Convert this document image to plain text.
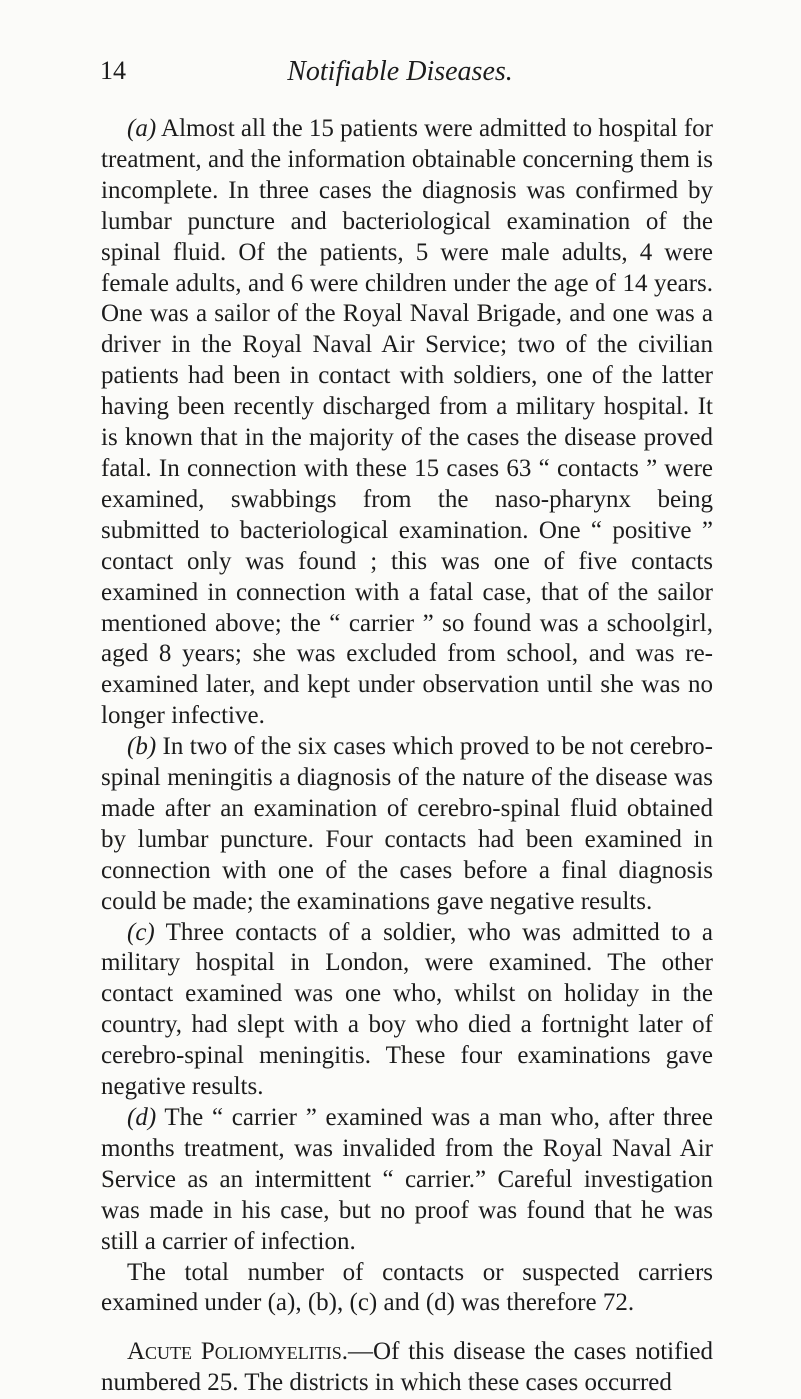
14	Notifiable Diseases.

(a) Almost all the 15 patients were admitted to hospital for treatment, and the information obtainable concerning them is incomplete. In three cases the diagnosis was confirmed by lumbar puncture and bacteriological examination of the spinal fluid. Of the patients, 5 were male adults, 4 were female adults, and 6 were children under the age of 14 years. One was a sailor of the Royal Naval Brigade, and one was a driver in the Royal Naval Air Service; two of the civilian patients had been in contact with soldiers, one of the latter having been recently discharged from a military hospital. It is known that in the majority of the cases the disease proved fatal. In connection with these 15 cases 63 “ contacts ” were examined, swabbings from the naso-pharynx being submitted to bacteriological examination. One “ positive ” contact only was found ; this was one of five contacts examined in connection with a fatal case, that of the sailor mentioned above; the “ carrier ” so found was a schoolgirl, aged 8 years; she was excluded from school, and was re-examined later, and kept under observation until she was no longer infective.

(b) In two of the six cases which proved to be not cerebro-spinal meningitis a diagnosis of the nature of the disease was made after an examination of cerebro-spinal fluid obtained by lumbar puncture. Four contacts had been examined in connection with one of the cases before a final diagnosis could be made; the examinations gave negative results.

(c) Three contacts of a soldier, who was admitted to a military hospital in London, were examined. The other contact examined was one who, whilst on holiday in the country, had slept with a boy who died a fortnight later of cerebro-spinal meningitis. These four examinations gave negative results.

(d) The “ carrier ” examined was a man who, after three months treatment, was invalided from the Royal Naval Air Service as an intermittent “ carrier.” Careful investigation was made in his case, but no proof was found that he was still a carrier of infection.

The total number of contacts or suspected carriers examined under (a), (b), (c) and (d) was therefore 72.

Acute Poliomyelitis.—Of this disease the cases notified numbered 25. The districts in which these cases occurred
